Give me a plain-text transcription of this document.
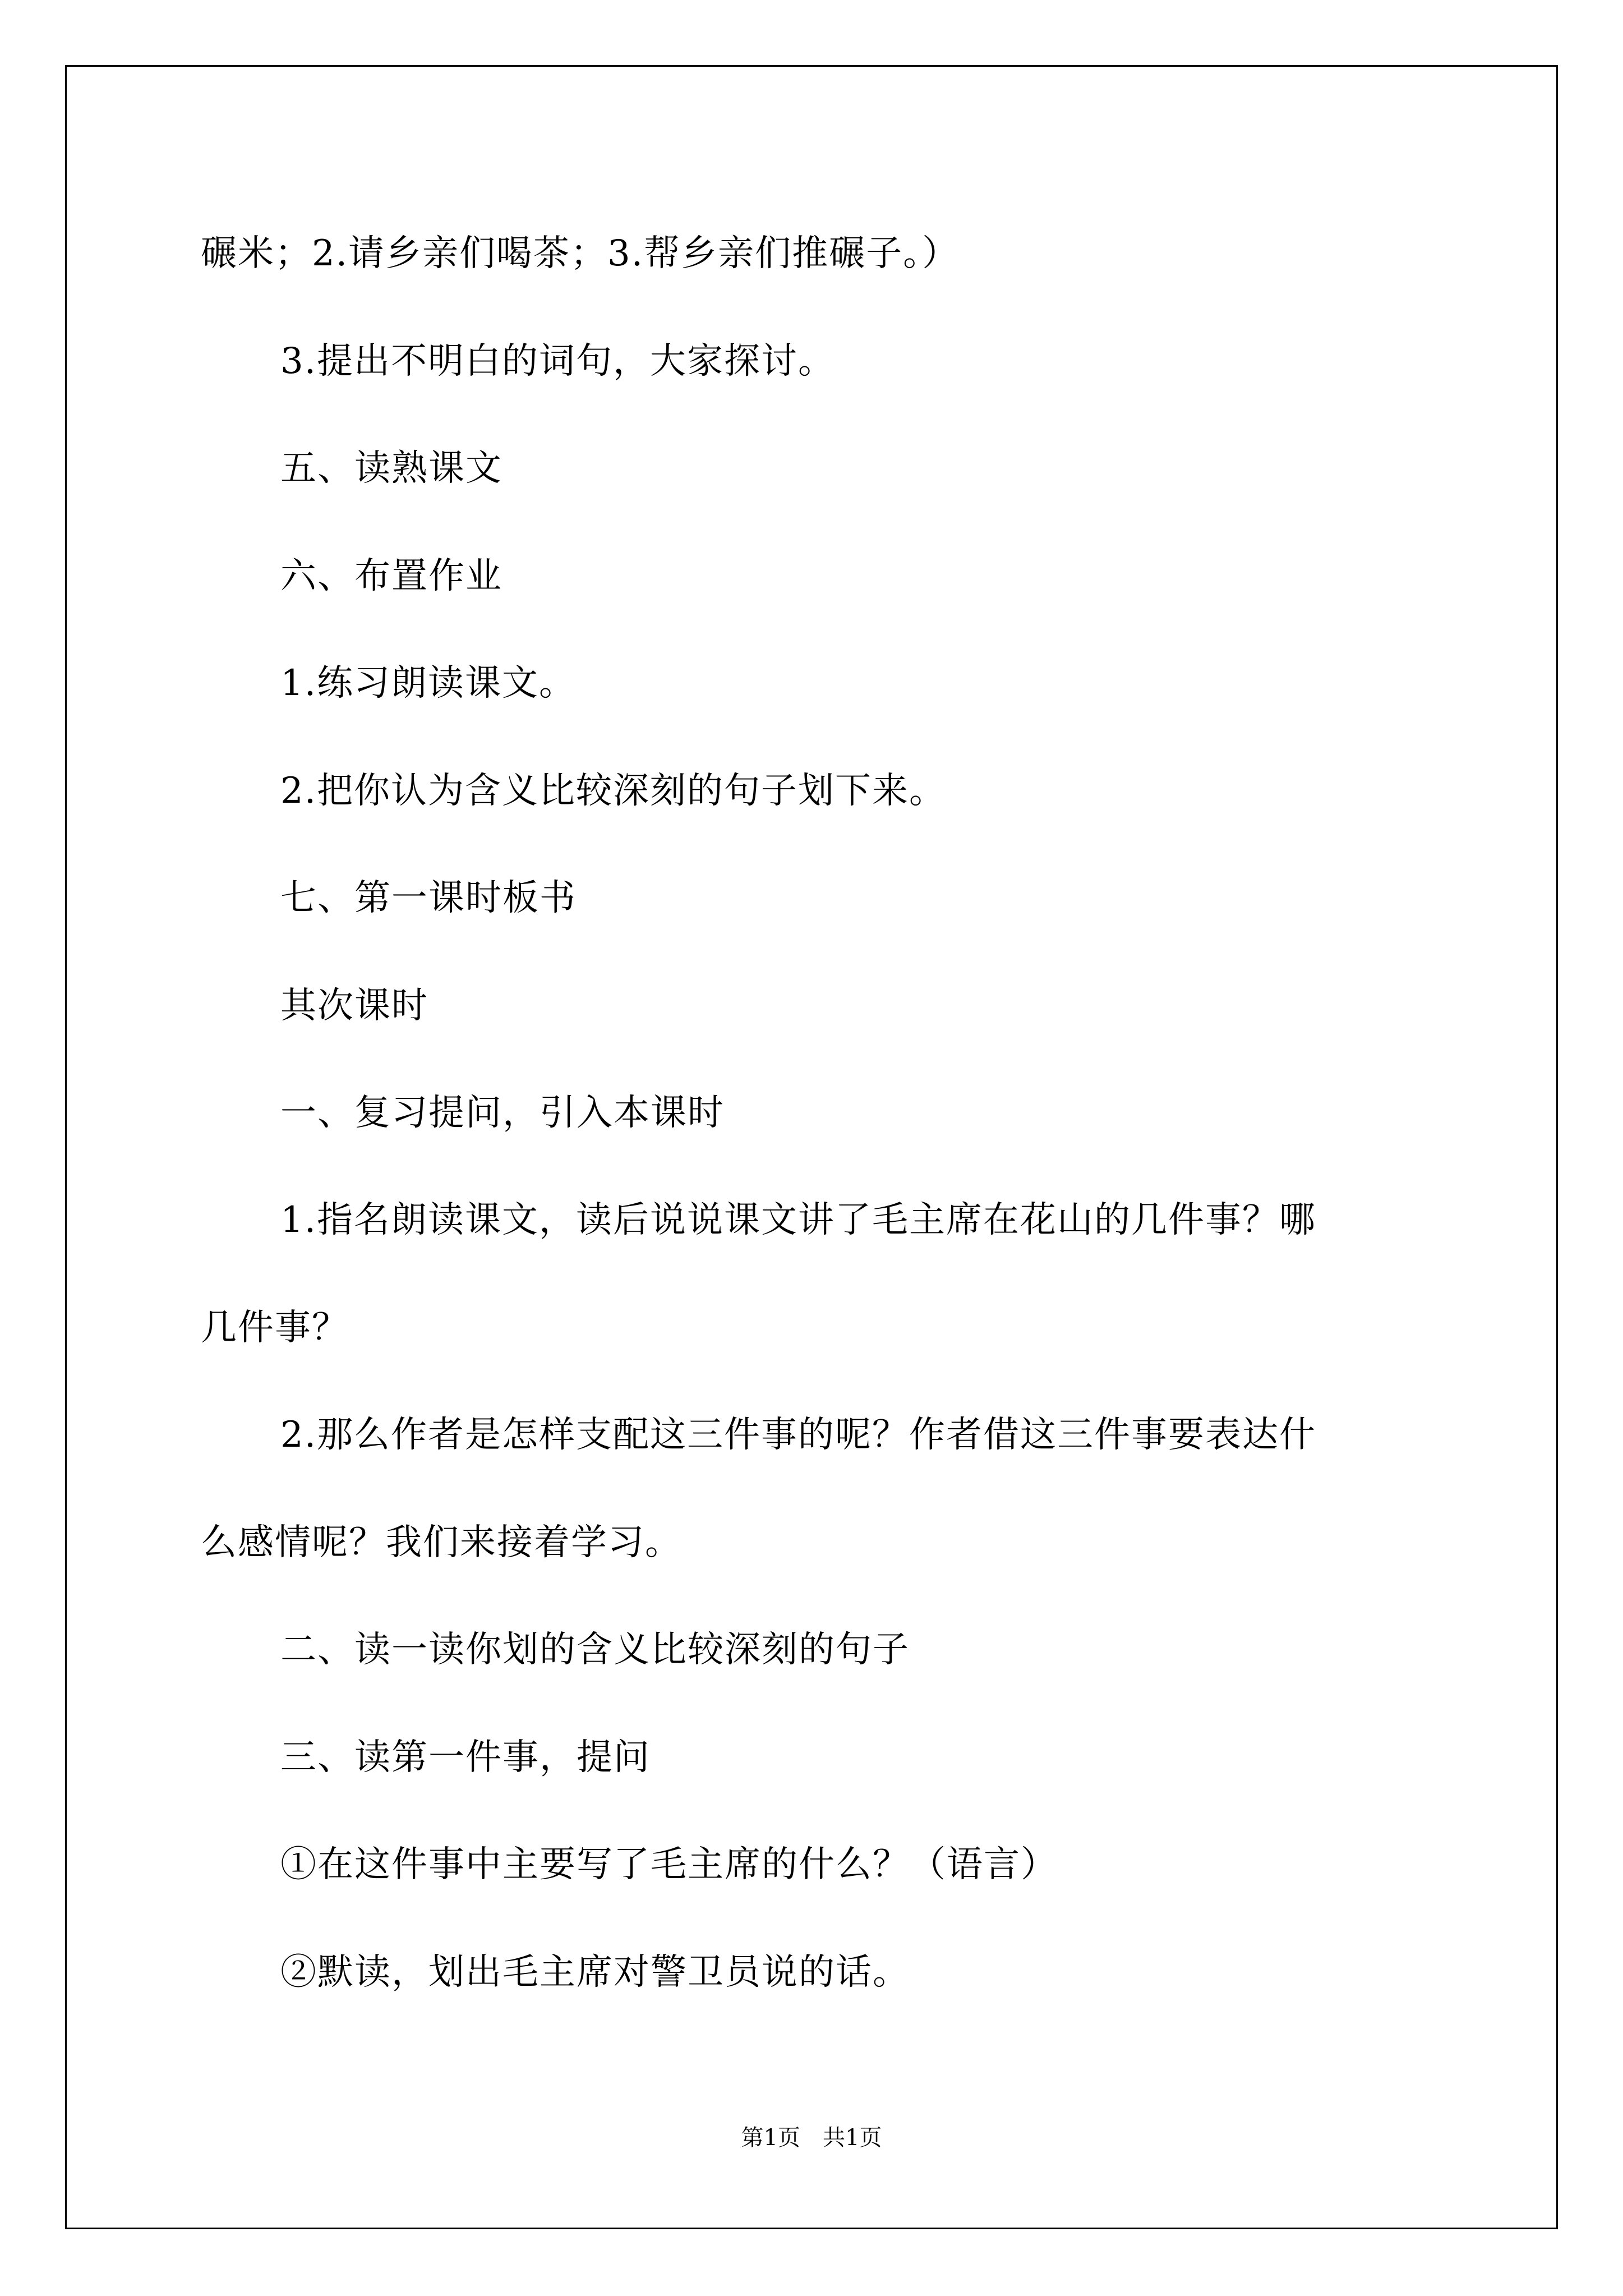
碾米；2.请乡亲们喝茶；3.帮乡亲们推碾子。）
3.提出不明白的词句，大家探讨。
五、读熟课文
六、布置作业
1.练习朗读课文。
2.把你认为含义比较深刻的句子划下来。
七、第一课时板书
其次课时
一、复习提问，引入本课时
1.指名朗读课文，读后说说课文讲了毛主席在花山的几件事？哪
几件事？
2.那么作者是怎样支配这三件事的呢？作者借这三件事要表达什
么感情呢？我们来接着学习。
二、读一读你划的含义比较深刻的句子
三、读第一件事，提问
①在这件事中主要写了毛主席的什么？（语言）
②默读，划出毛主席对警卫员说的话。
第1页　共1页
